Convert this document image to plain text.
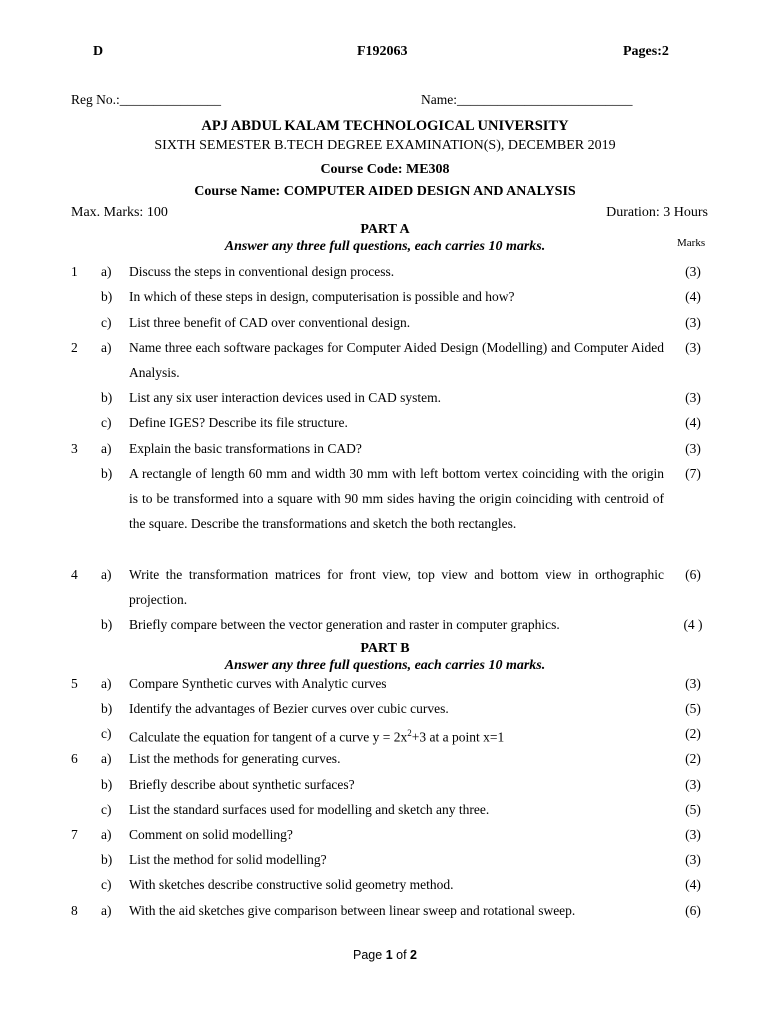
D	F192063	Pages:2
Reg No.:_______________	Name:__________________________
APJ ABDUL KALAM TECHNOLOGICAL UNIVERSITY
SIXTH SEMESTER B.TECH DEGREE EXAMINATION(S), DECEMBER 2019
Course Code: ME308
Course Name: COMPUTER AIDED DESIGN AND ANALYSIS
Max. Marks: 100	Duration: 3 Hours
PART A
Answer any three full questions, each carries 10 marks.	Marks
1 a) Discuss the steps in conventional design process.	(3)
b) In which of these steps in design, computerisation is possible and how?	(4)
c) List three benefit of CAD over conventional design.	(3)
2 a) Name three each software packages for Computer Aided Design (Modelling) and Computer Aided Analysis.
(3)
b) List any six user interaction devices used in CAD system.	(3)
c) Define IGES? Describe its file structure.	(4)
3 a) Explain the basic transformations in CAD?	(3)
b) A rectangle of length 60 mm and width 30 mm with left bottom vertex coinciding with the origin is to be transformed into a square with 90 mm sides having the origin coinciding with centroid of the square. Describe the transformations and sketch the both rectangles.
(7)
4 a) Write the transformation matrices for front view, top view and bottom view in orthographic projection.
(6)
b) Briefly compare between the vector generation and raster in computer graphics.	(4 )
PART B
Answer any three full questions, each carries 10 marks.
5 a) Compare Synthetic curves with Analytic curves	(3)
b) Identify the advantages of Bezier curves over cubic curves.	(5)
c) Calculate the equation for tangent of a curve $y = 2x^2+3$ at a point x=1	(2)
6 a) List the methods for generating curves.	(2)
b) Briefly describe about synthetic surfaces?	(3)
c) List the standard surfaces used for modelling and sketch any three.	(5)
7 a) Comment on solid modelling?	(3)
b) List the method for solid modelling?	(3)
c) With sketches describe constructive solid geometry method.	(4)
8 a) With the aid sketches give comparison between linear sweep and rotational sweep.	(6)
Page 1 of 2
